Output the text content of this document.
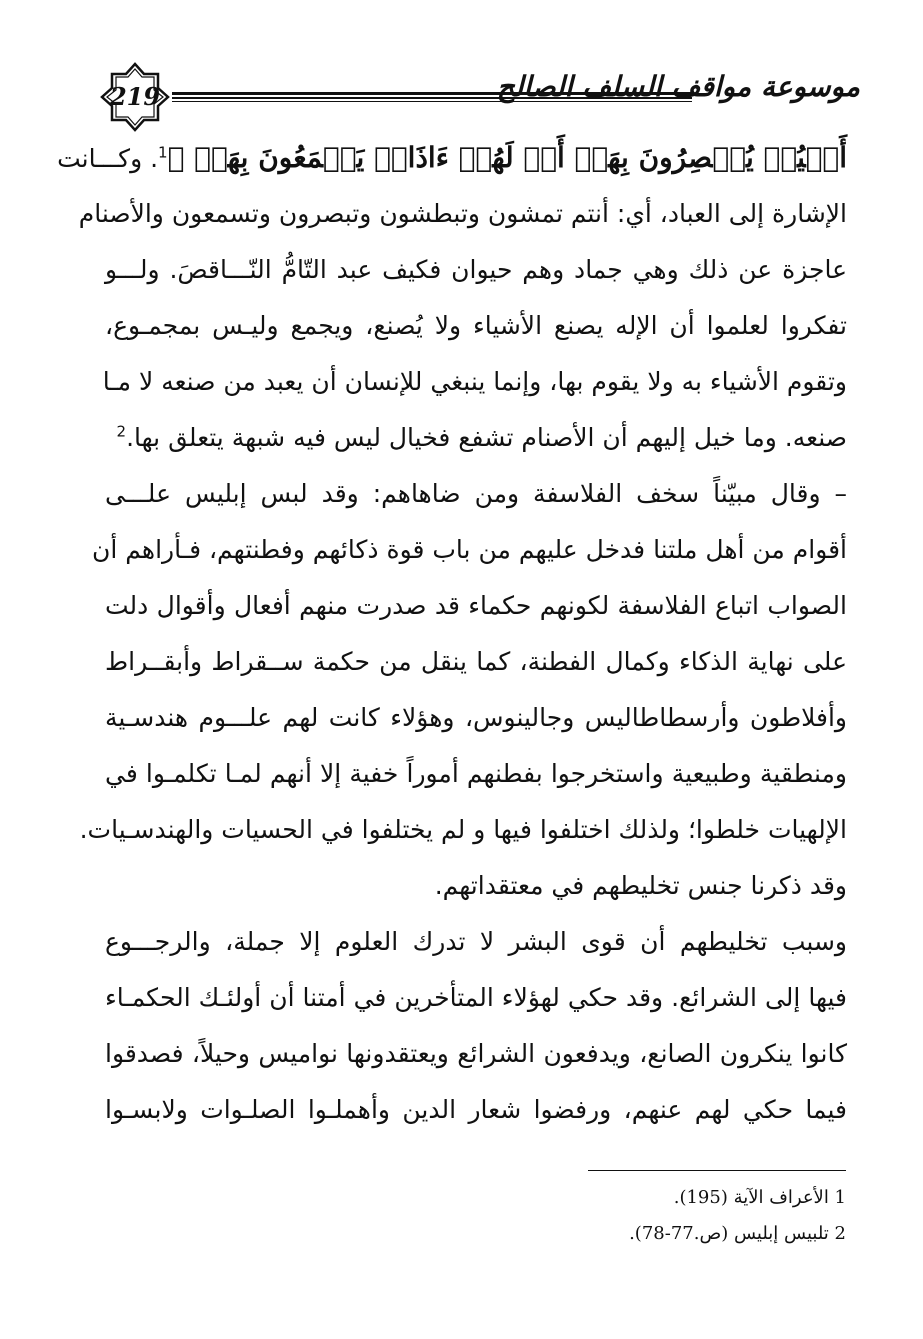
219	موسوعة مواقف السلف الصالح
أَعۡيُنٞ يُبۡصِرُونَ بِهَآۖ أَمۡ لَهُمۡ ءَاذَانٞ يَسۡمَعُونَ بِهَاۗ ﴾$^1$. وكـــانت
الإشارة إلى العباد، أي: أنتم تمشون وتبطشون وتبصرون وتسمعون والأصنام
عاجزة عن ذلك وهي جماد وهم حيوان فكيف عبد التّامُّ النّـــاقصَ. ولـــو
تفكروا لعلموا أن الإله يصنع الأشياء ولا يُصنع، ويجمع وليـس بمجمـوع،
وتقوم الأشياء به ولا يقوم بها، وإنما ينبغي للإنسان أن يعبد من صنعه لا مـا
صنعه. وما خيل إليهم أن الأصنام تشفع فخيال ليس فيه شبهة يتعلق بها.$^2$
– وقال مبيّناً سخف الفلاسفة ومن ضاهاهم: وقد لبس إبليس علـــى
أقوام من أهل ملتنا فدخل عليهم من باب قوة ذكائهم وفطنتهم، فـأراهم أن
الصواب اتباع الفلاسفة لكونهم حكماء قد صدرت منهم أفعال وأقوال دلت
على نهاية الذكاء وكمال الفطنة، كما ينقل من حكمة ســقراط وأبقــراط
وأفلاطون وأرسطاطاليس وجالينوس، وهؤلاء كانت لهم علـــوم هندسـية
ومنطقية وطبيعية واستخرجوا بفطنهم أموراً خفية إلا أنهم لمـا تكلمـوا في
الإلهيات خلطوا؛ ولذلك اختلفوا فيها و لم يختلفوا في الحسيات والهندسـيات.
وقد ذكرنا جنس تخليطهم في معتقداتهم.
وسبب تخليطهم أن قوى البشر لا تدرك العلوم إلا جملة، والرجـــوع
فيها إلى الشرائع. وقد حكي لهؤلاء المتأخرين في أمتنا أن أولئـك الحكمـاء
كانوا ينكرون الصانع، ويدفعون الشرائع ويعتقدونها نواميس وحيلاً، فصدقوا
فيما حكي لهم عنهم، ورفضوا شعار الدين وأهملـوا الصلـوات ولابسـوا
1 الأعراف الآية (195).
2 تلبيس إبليس (ص.77-78).
